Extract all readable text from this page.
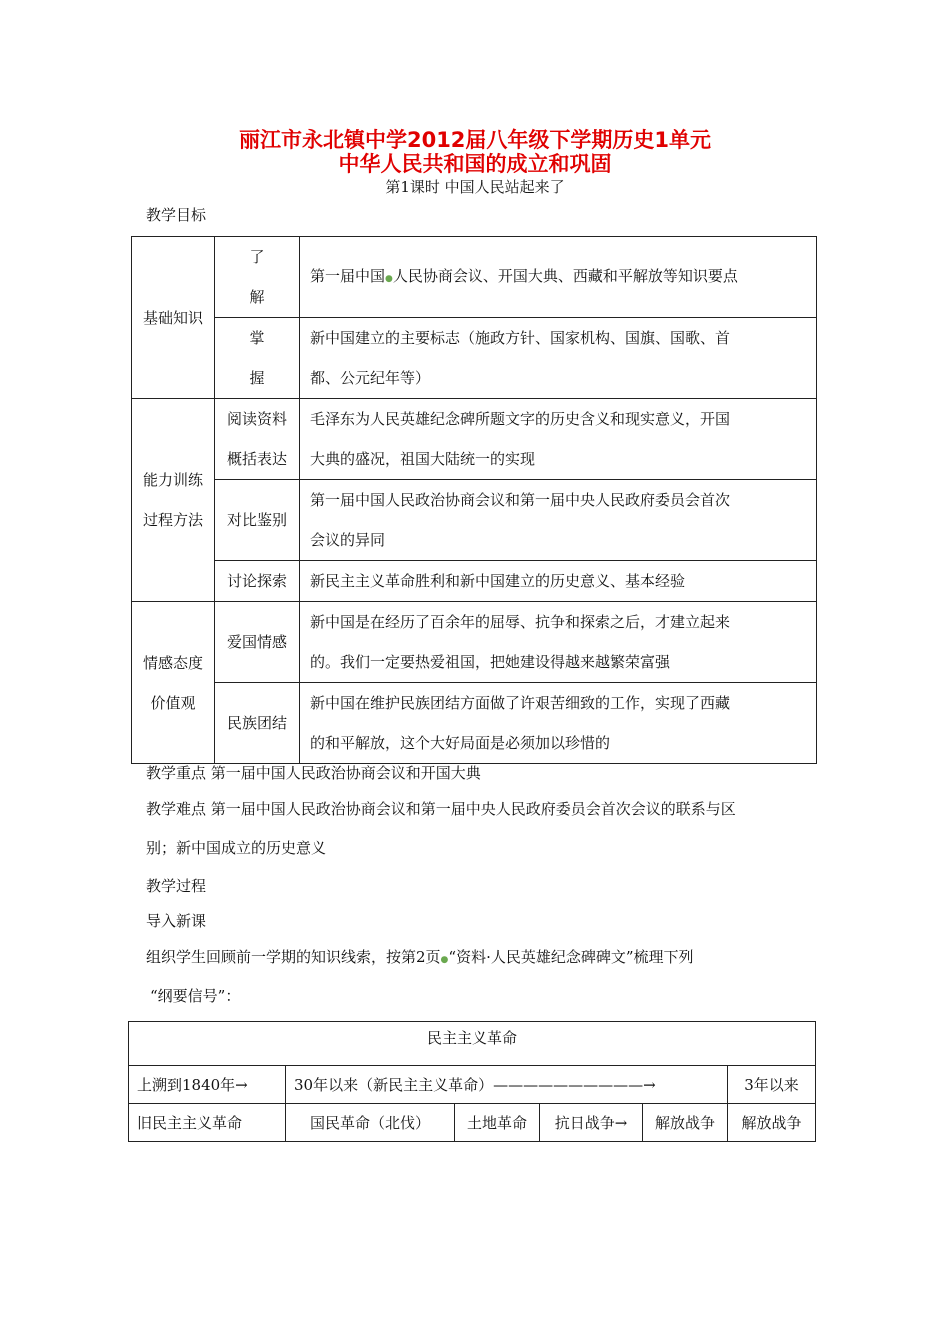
丽江市永北镇中学2012届八年级下学期历史1单元
中华人民共和国的成立和巩固
第1课时 中国人民站起来了
教学目标
基础知识	了
解	第一届中国●人民协商会议、开国大典、西藏和平解放等知识要点

	掌
握	新中国建立的主要标志（施政方针、国家机构、国旗、国歌、首
都、公元纪年等）

能力训练
过程方法	阅读资料
概括表达	毛泽东为人民英雄纪念碑所题文字的历史含义和现实意义，开国
大典的盛况，祖国大陆统一的实现

	对比鉴别	第一届中国人民政治协商会议和第一届中央人民政府委员会首次
会议的异同

	讨论探索	新民主主义革命胜利和新中国建立的历史意义、基本经验

情感态度
价值观	爱国情感	新中国是在经历了百余年的屈辱、抗争和探索之后，才建立起来
的。我们一定要热爱祖国，把她建设得越来越繁荣富强

	民族团结	新中国在维护民族团结方面做了许艰苦细致的工作，实现了西藏
的和平解放，这个大好局面是必须加以珍惜的
教学重点 第一届中国人民政治协商会议和开国大典
教学难点 第一届中国人民政治协商会议和第一届中央人民政府委员会首次会议的联系与区
别；新中国成立的历史意义
教学过程
导入新课
组织学生回顾前一学期的知识线索，按第2页●“资料·人民英雄纪念碑碑文”梳理下列
“纲要信号”：
民主主义革命					
上溯到1840年→	30年以来（新民主主义革命）——————————→				3年以来
旧民主主义革命	国民革命（北伐）	土地革命	抗日战争→	解放战争	解放战争
